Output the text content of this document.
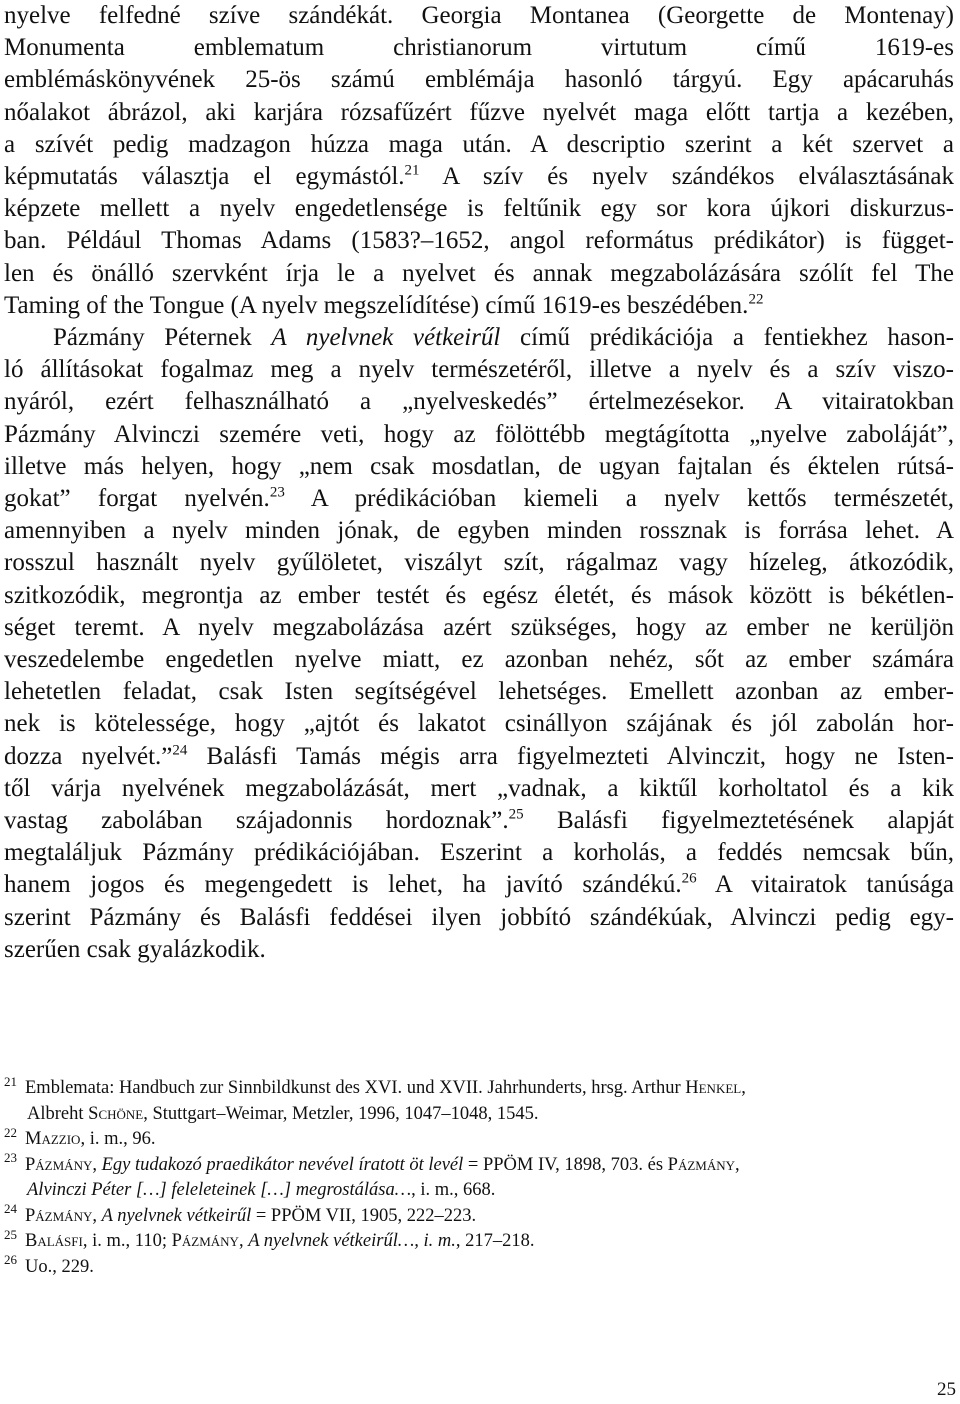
nyelve felfedné szíve szándékát. Georgia Montanea (Georgette de Montenay)
Monumenta emblematum christianorum virtutum című 1619-es
emblémáskönyvének 25-ös számú emblémája hasonló tárgyú. Egy apácaruhás
nőalakot ábrázol, aki karjára rózsafűzért fűzve nyelvét maga előtt tartja a kezében,
a szívét pedig madzagon húzza maga után. A descriptio szerint a két szervet a
képmutatás választja el egymástól.$^{21}$ A szív és nyelv szándékos elválasztásának
képzete mellett a nyelv engedetlensége is feltűnik egy sor kora újkori diskurzus-
ban. Például Thomas Adams (1583?–1652, angol református prédikátor) is függet-
len és önálló szervként írja le a nyelvet és annak megzabolázására szólít fel The
Taming of the Tongue (A nyelv megszelídítése) című 1619-es beszédében.$^{22}$
Pázmány Péternek A nyelvnek vétkeirűl című prédikációja a fentiekhez hason-
ló állításokat fogalmaz meg a nyelv természetéről, illetve a nyelv és a szív viszo-
nyáról, ezért felhasználható a „nyelveskedés” értelmezésekor. A vitairatokban
Pázmány Alvinczi szemére veti, hogy az fölöttébb megtágította „nyelve zaboláját”,
illetve más helyen, hogy „nem csak mosdatlan, de ugyan fajtalan és éktelen rútsá-
gokat” forgat nyelvén.$^{23}$ A prédikációban kiemeli a nyelv kettős természetét,
amennyiben a nyelv minden jónak, de egyben minden rossznak is forrása lehet. A
rosszul használt nyelv gyűlöletet, viszályt szít, rágalmaz vagy hízeleg, átkozódik,
szitkozódik, megrontja az ember testét és egész életét, és mások között is békétlen-
séget teremt. A nyelv megzabolázása azért szükséges, hogy az ember ne kerüljön
veszedelembe engedetlen nyelve miatt, ez azonban nehéz, sőt az ember számára
lehetetlen feladat, csak Isten segítségével lehetséges. Emellett azonban az ember-
nek is kötelessége, hogy „ajtót és lakatot csinállyon szájának és jól zabolán hor-
dozza nyelvét.”$^{24}$ Balásfi Tamás mégis arra figyelmezteti Alvinczit, hogy ne Isten-
től várja nyelvének megzabolázását, mert „vadnak, a kiktűl korholtatol és a kik
vastag zabolában szájadonnis hordoznak”.$^{25}$ Balásfi figyelmeztetésének alapját
megtaláljuk Pázmány prédikációjában. Eszerint a korholás, a feddés nemcsak bűn,
hanem jogos és megengedett is lehet, ha javító szándékú.$^{26}$ A vitairatok tanúsága
szerint Pázmány és Balásfi feddései ilyen jobbító szándékúak, Alvinczi pedig egy-
szerűen csak gyalázkodik.
$^{21}$ Emblemata: Handbuch zur Sinnbildkunst des XVI. und XVII. Jahrhunderts, hrsg. Arthur Henkel,
Albreht Schöne, Stuttgart–Weimar, Metzler, 1996, 1047–1048, 1545.
$^{22}$ Mazzio, i. m., 96.
$^{23}$ Pázmány, Egy tudakozó praedikátor nevével íratott öt levél = PPÖM IV, 1898, 703. és Pázmány,
Alvinczi Péter […] feleleteinek […] megrostálása…, i. m., 668.
$^{24}$ Pázmány, A nyelvnek vétkeirűl = PPÖM VII, 1905, 222–223.
$^{25}$ Balásfi, i. m., 110; Pázmány, A nyelvnek vétkeirűl…, i. m., 217–218.
$^{26}$ Uo., 229.
25
